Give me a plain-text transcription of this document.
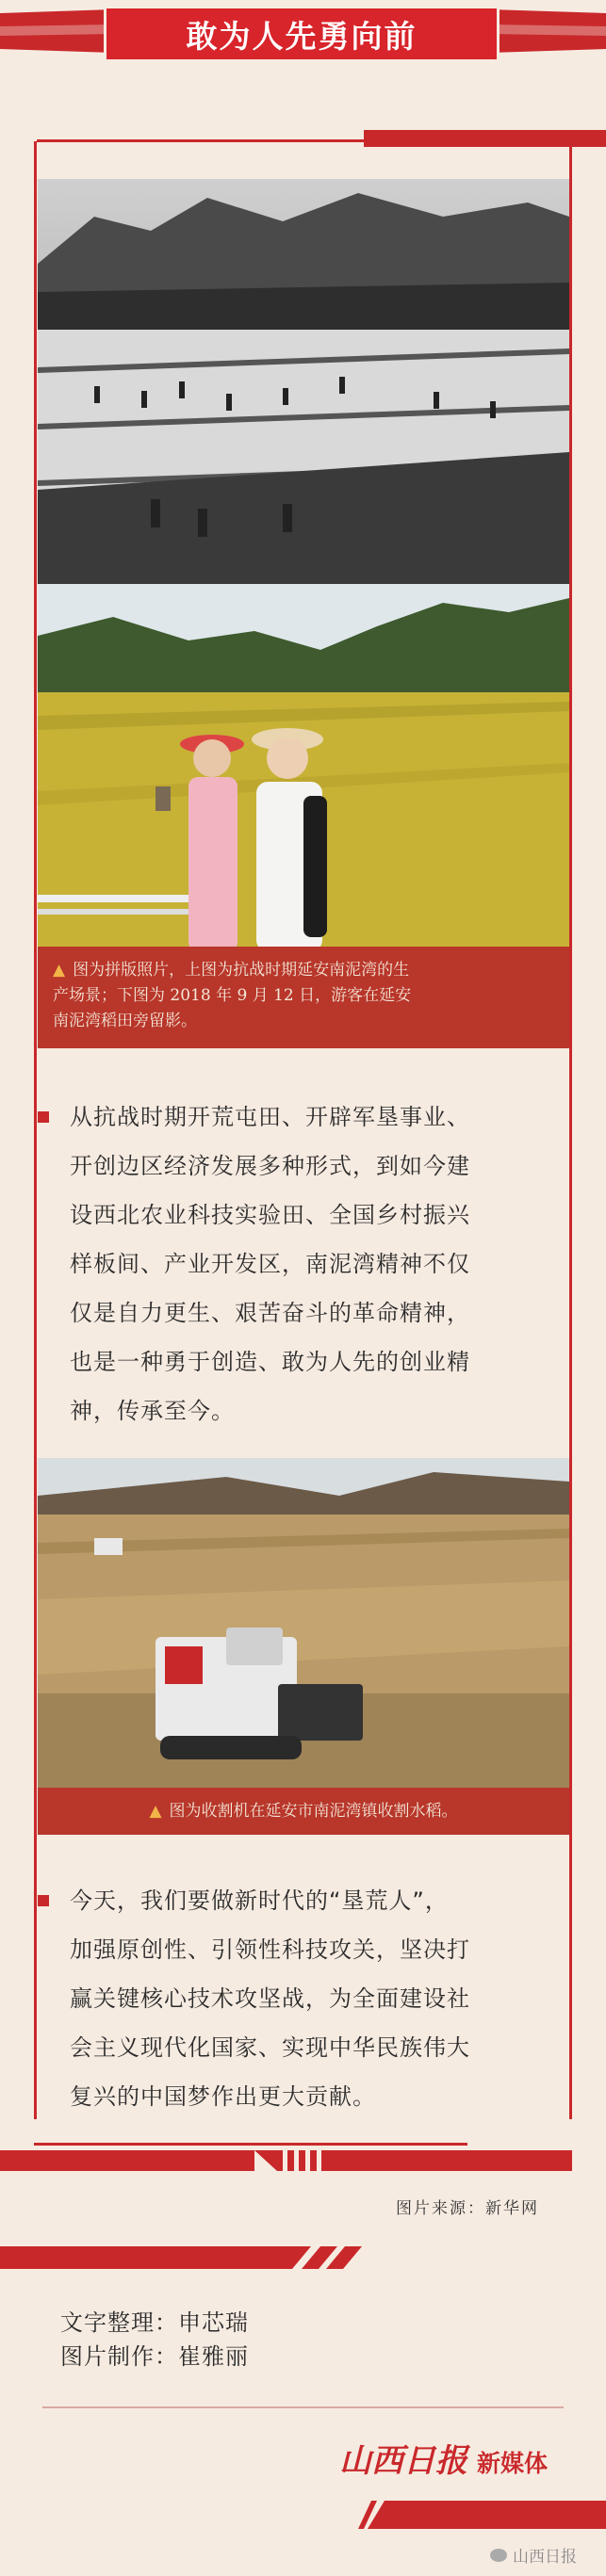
敢为人先勇向前
▲ 图为拼版照片，上图为抗战时期延安南泥湾的生
产场景；下图为 2018 年 9 月 12 日，游客在延安
南泥湾稻田旁留影。
从抗战时期开荒屯田、开辟军垦事业、
开创边区经济发展多种形式，到如今建
设西北农业科技实验田、全国乡村振兴
样板间、产业开发区，南泥湾精神不仅
仅是自力更生、艰苦奋斗的革命精神，
也是一种勇于创造、敢为人先的创业精
神，传承至今。
▲ 图为收割机在延安市南泥湾镇收割水稻。
今天，我们要做新时代的“垦荒人”，
加强原创性、引领性科技攻关，坚决打
赢关键核心技术攻坚战，为全面建设社
会主义现代化国家、实现中华民族伟大
复兴的中国梦作出更大贡献。
图片来源：新华网
文字整理：申芯瑞
图片制作：崔雅丽
山西日报 新媒体
山西日报
